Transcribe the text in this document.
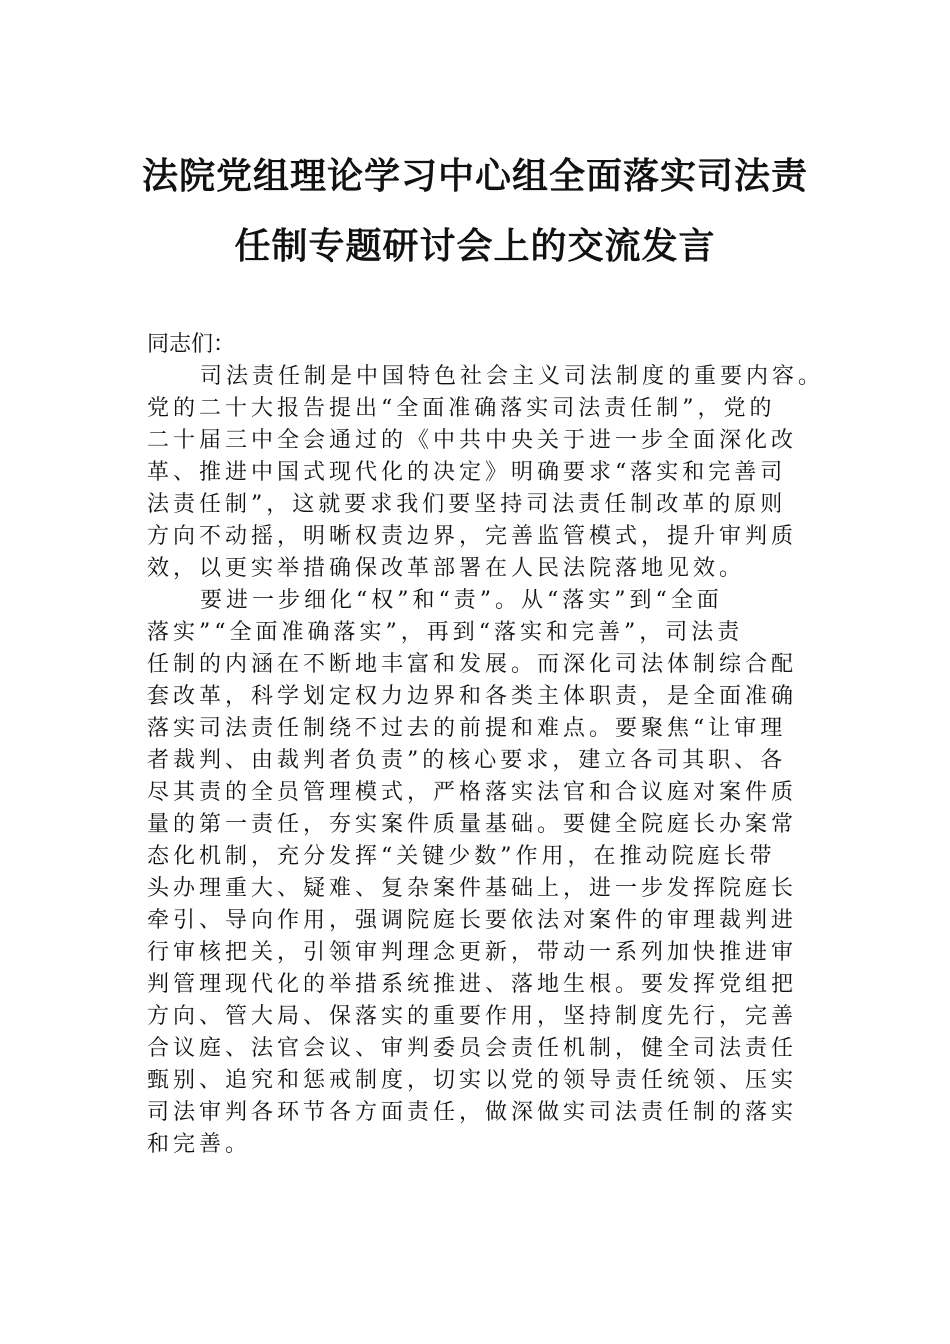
法院党组理论学习中心组全面落实司法责
任制专题研讨会上的交流发言

同志们：

司法责任制是中国特色社会主义司法制度的重要内容。

党的二十大报告提出“全面准确落实司法责任制”，党的

二十届三中全会通过的《中共中央关于进一步全面深化改

革、推进中国式现代化的决定》明确要求“落实和完善司

法责任制”，这就要求我们要坚持司法责任制改革的原则

方向不动摇，明晰权责边界，完善监管模式，提升审判质

效，以更实举措确保改革部署在人民法院落地见效。

要进一步细化“权”和“责”。从“落实”到“全面

落实”“全面准确落实”，再到“落实和完善”，司法责

任制的内涵在不断地丰富和发展。而深化司法体制综合配

套改革，科学划定权力边界和各类主体职责，是全面准确

落实司法责任制绕不过去的前提和难点。要聚焦“让审理

者裁判、由裁判者负责”的核心要求，建立各司其职、各

尽其责的全员管理模式，严格落实法官和合议庭对案件质

量的第一责任，夯实案件质量基础。要健全院庭长办案常

态化机制，充分发挥“关键少数”作用，在推动院庭长带

头办理重大、疑难、复杂案件基础上，进一步发挥院庭长

牵引、导向作用，强调院庭长要依法对案件的审理裁判进

行审核把关，引领审判理念更新，带动一系列加快推进审

判管理现代化的举措系统推进、落地生根。要发挥党组把

方向、管大局、保落实的重要作用，坚持制度先行，完善

合议庭、法官会议、审判委员会责任机制，健全司法责任

甄别、追究和惩戒制度，切实以党的领导责任统领、压实

司法审判各环节各方面责任，做深做实司法责任制的落实

和完善。
